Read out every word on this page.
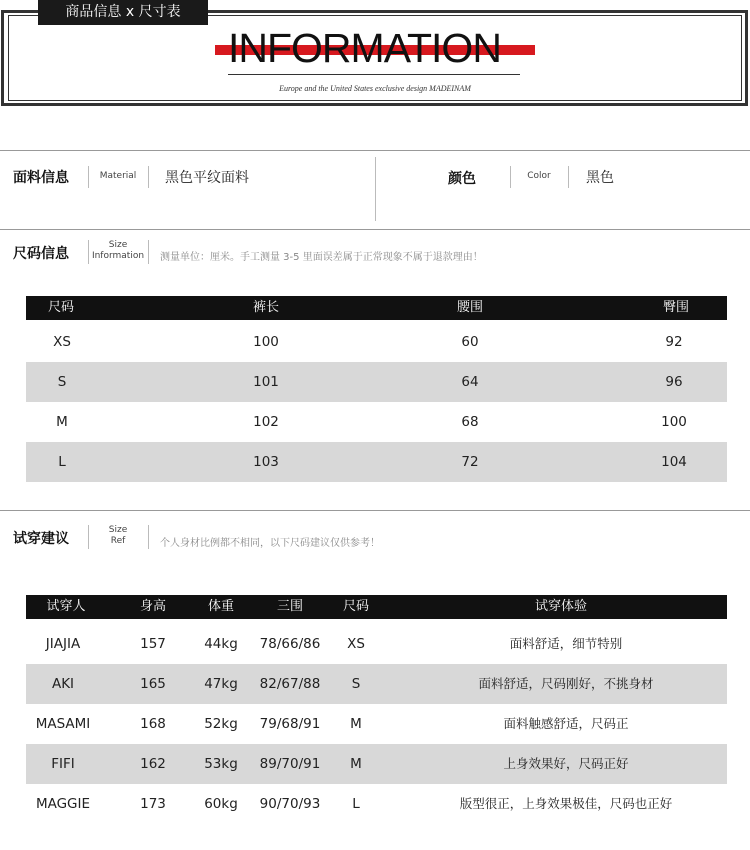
商品信息 x 尺寸表
INFORMATION
Europe and the United States exclusive design MADEINAM
面料信息	Material	黑色平纹面料	颜色	Color	黑色
尺码信息
Size
Information 测量单位：厘米。手工测量 3-5 里面误差属于正常现象不属于退款理由！
尺码	裤长	腰围	臀围
XS	100	60	92
S	101	64	96
M	102	68	100
L	103	72	104
试穿建议
Size
Ref	个人身材比例都不相同，以下尺码建议仅供参考！
试穿人	身高	体重	三围	尺码	试穿体验
JIAJIA	157	44kg	78/66/86	XS	面料舒适，细节特别
AKI	165	47kg	82/67/88	S	面料舒适，尺码刚好，不挑身材
MASAMI	168	52kg	79/68/91	M	面料触感舒适，尺码正
FIFI	162	53kg	89/70/91	M	上身效果好，尺码正好
MAGGIE	173	60kg	90/70/93	L	版型很正，上身效果极佳，尺码也正好
